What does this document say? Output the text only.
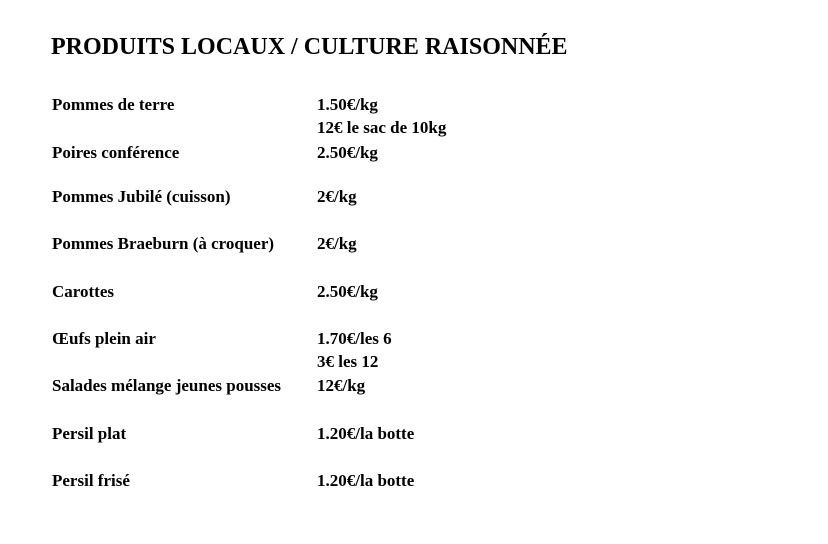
PRODUITS LOCAUX / CULTURE RAISONNÉE
Pommes de terre	1.50€/kg
12€ le sac de 10kg
Poires conférence	2.50€/kg
Pommes Jubilé (cuisson)	2€/kg
Pommes Braeburn (à croquer)	2€/kg
Carottes	2.50€/kg
Œufs plein air	1.70€/les 6
3€ les 12
Salades mélange jeunes pousses 12€/kg
Persil plat	1.20€/la botte
Persil frisé	1.20€/la botte
